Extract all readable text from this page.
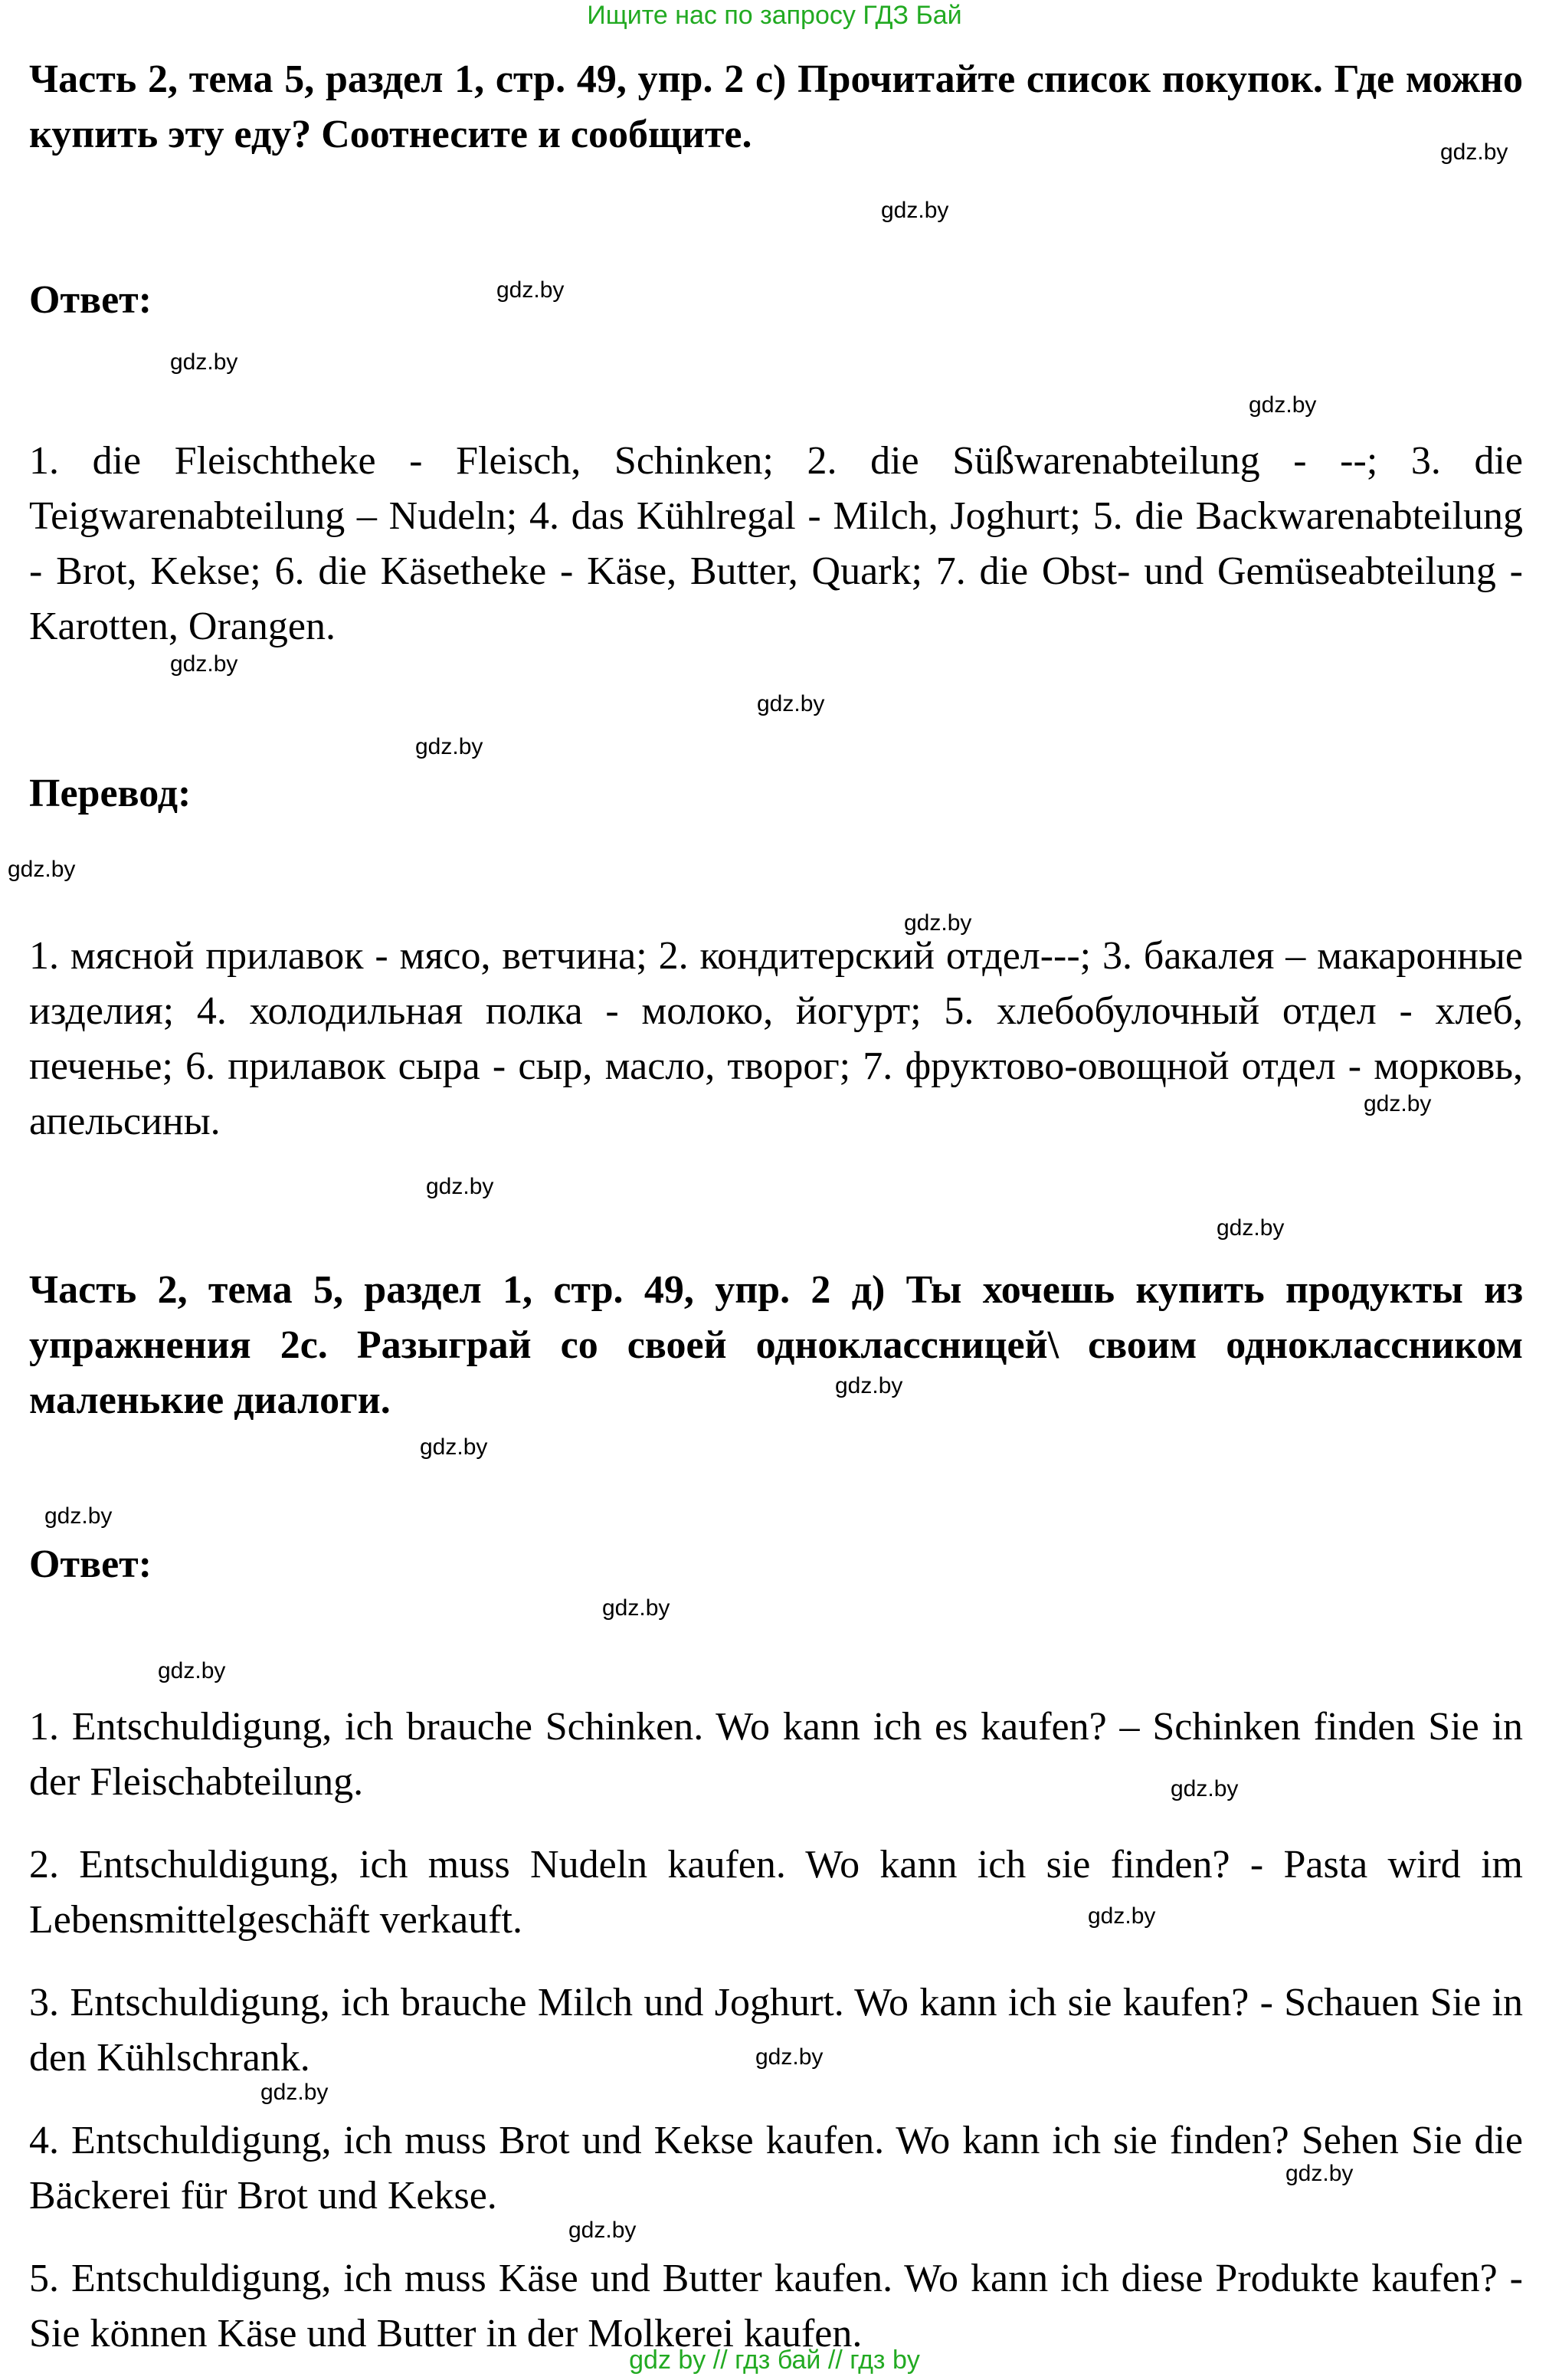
Ищите нас по запросу ГДЗ Бай
Часть 2, тема 5, раздел 1, стр. 49, упр. 2 с) Прочитайте список покупок. Где можно купить эту еду? Соотнесите и сообщите.
Ответ:
1. die Fleischtheke - Fleisch, Schinken; 2. die Süßwarenabteilung - --; 3. die Teigwarenabteilung – Nudeln; 4. das Kühlregal - Milch, Joghurt; 5. die Backwarenabteilung - Brot, Kekse; 6. die Käsetheke - Käse, Butter, Quark; 7. die Obst- und Gemüseabteilung - Karotten, Orangen.
Перевод:
1. мясной прилавок - мясо, ветчина; 2. кондитерский отдел---; 3. бакалея – макаронные изделия; 4. холодильная полка - молоко, йогурт; 5. хлебобулочный отдел - хлеб, печенье; 6. прилавок сыра - сыр, масло, творог; 7. фруктово-овощной отдел - морковь, апельсины.
Часть 2, тема 5, раздел 1, стр. 49, упр. 2 д) Ты хочешь купить продукты из упражнения 2с. Разыграй со своей одноклассницей\ своим одноклассником маленькие диалоги.
Ответ:
1. Entschuldigung, ich brauche Schinken. Wo kann ich es kaufen? – Schinken finden Sie in der Fleischabteilung.
2. Entschuldigung, ich muss Nudeln kaufen. Wo kann ich sie finden? - Pasta wird im Lebensmittelgeschäft verkauft.
3. Entschuldigung, ich brauche Milch und Joghurt. Wo kann ich sie kaufen? - Schauen Sie in den Kühlschrank.
4. Entschuldigung, ich muss Brot und Kekse kaufen. Wo kann ich sie finden? Sehen Sie die Bäckerei für Brot und Kekse.
5. Entschuldigung, ich muss Käse und Butter kaufen. Wo kann ich diese Produkte kaufen? - Sie können Käse und Butter in der Molkerei kaufen.
gdz.by
gdz.by
gdz.by
gdz.by
gdz.by
gdz.by
gdz.by
gdz.by
gdz.by
gdz.by
gdz.by
gdz.by
gdz.by
gdz.by
gdz.by
gdz.by
gdz.by
gdz.by
gdz.by
gdz.by
gdz.by
gdz.by
gdz.by
gdz.by
gdz by // гдз бай // гдз by
